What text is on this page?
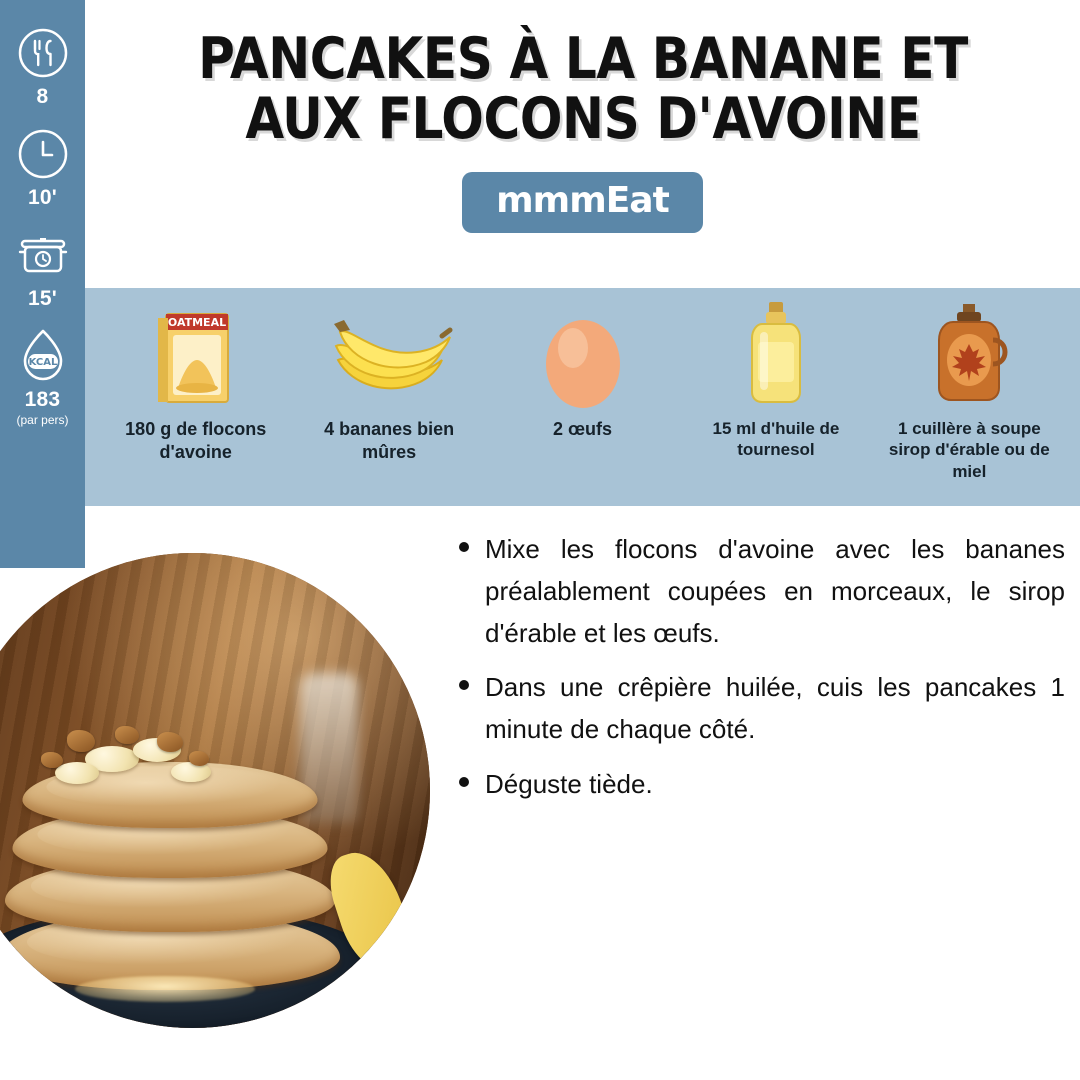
8
10'
15'
KCAL
183
(par pers)
PANCAKES À LA BANANE ET AUX FLOCONS D'AVOINE
mmmEat
OATMEAL
180 g de flocons d'avoine
4 bananes bien mûres
2 œufs	15 ml d'huile de tournesol
1 cuillère à soupe sirop d'érable ou de miel
Mixe les flocons d'avoine avec les bananes préalablement coupées en morceaux, le sirop d'érable et les œufs.
Dans une crêpière huilée, cuis les pancakes 1 minute de chaque côté.
Déguste tiède.
